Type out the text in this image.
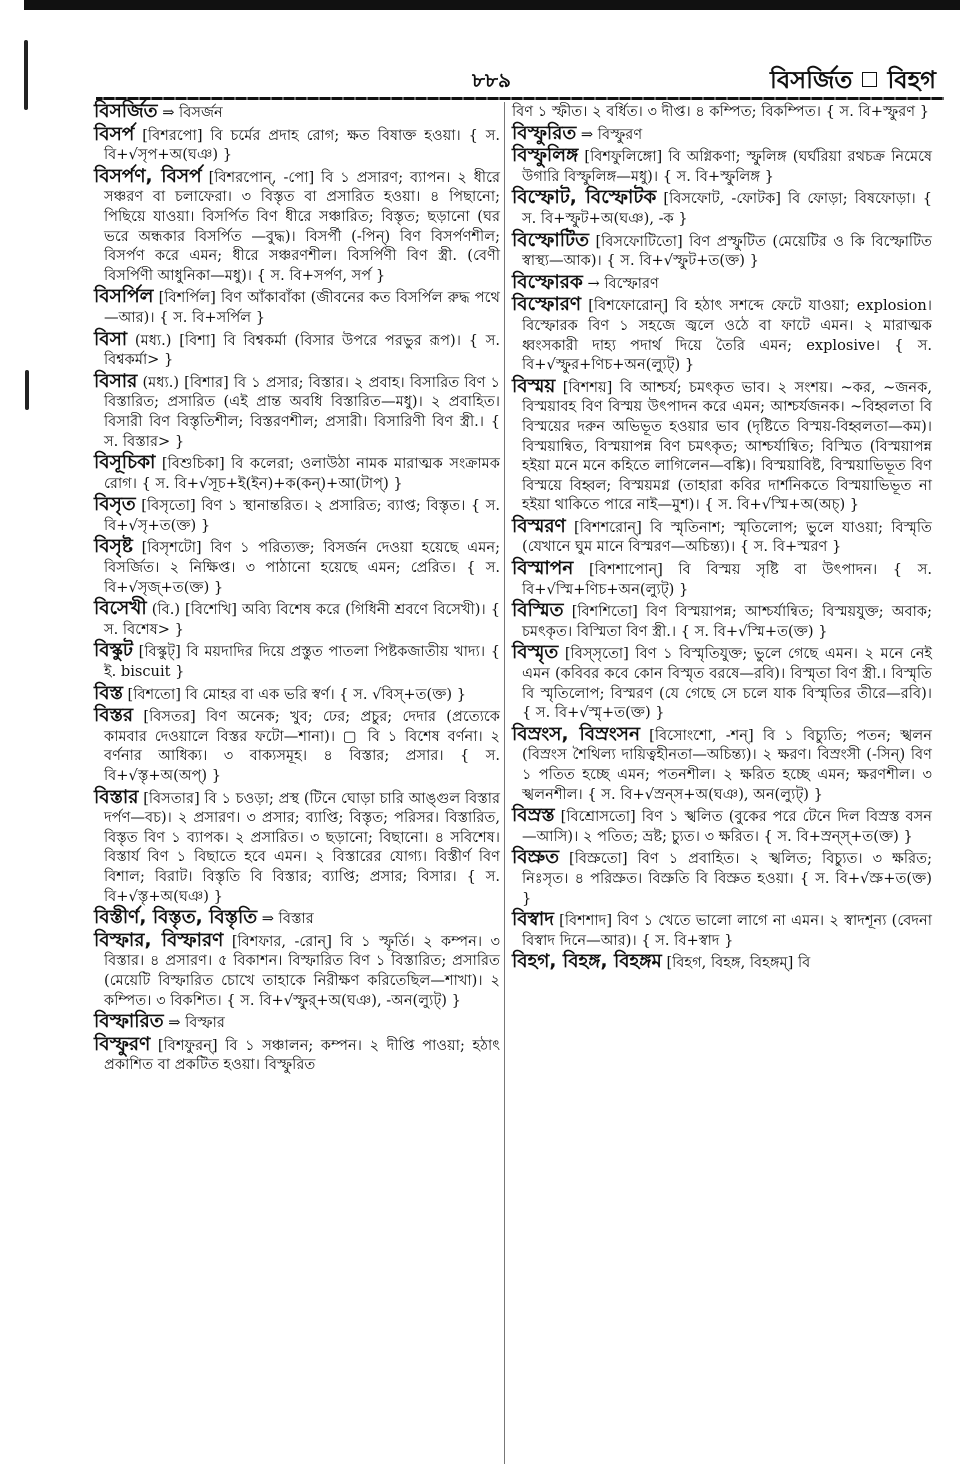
৮৮৯	বিসর্জিত বিহগ
বিসর্জিত ⇒ বিসর্জন
বিসর্প [বিশরপো] বি চর্মের প্রদাহ রোগ; ক্ষত বিষাক্ত হওয়া। { স. বি+√সৃপ+অ(ঘঞ) }
বিসর্পণ, বিসর্প [বিশরপোন্, -পো] বি ১ প্রসারণ; ব্যাপন। ২ ধীরে সঞ্চরণ বা চলাফেরা। ৩ বিস্তৃত বা প্রসারিত হওয়া। ৪ পিছানো; পিছিয়ে যাওয়া। বিসর্পিত বিণ ধীরে সঞ্চারিত; বিস্তৃত; ছড়ানো (ঘর ভরে অন্ধকার বিসর্পিত —বুদ্ধ)। বিসর্পী (-পিন্) বিণ বিসর্পণশীল; বিসর্পণ করে এমন; ধীরে সঞ্চরণশীল। বিসর্পিণী বিণ স্ত্রী. (বেণী বিসর্পিণী আধুনিকা—মধু)। { স. বি+সর্পণ, সর্প }
বিসর্পিল [বিশর্পিল] বিণ আঁকাবাঁকা (জীবনের কত বিসর্পিল রুদ্ধ পথে—আর)। { স. বি+সর্পিল }
বিসা (মধ্য.) [বিশা] বি বিশ্বকর্মা (বিসার উপরে পরভুর রূপ)। { স. বিশ্বকর্মা> }
বিসার (মধ্য.) [বিশার] বি ১ প্রসার; বিস্তার। ২ প্রবাহ। বিসারিত বিণ ১ বিস্তারিত; প্রসারিত (এই প্রান্ত অবধি বিস্তারিত—মধু)। ২ প্রবাহিত। বিসারী বিণ বিস্তৃতিশীল; বিস্তরণশীল; প্রসারী। বিসারিণী বিণ স্ত্রী.। { স. বিস্তার> }
বিসূচিকা [বিশুচিকা] বি কলেরা; ওলাউঠা নামক মারাত্মক সংক্রামক রোগ। { স. বি+√সূচ+ই(ইন)+ক(কন্)+আ(টাপ্) }
বিসৃত [বিসৃতো] বিণ ১ স্থানান্তরিত। ২ প্রসারিত; ব্যাপ্ত; বিস্তৃত। { স. বি+√সৃ+ত(ক্ত) }
বিসৃষ্ট [বিসৃশটো] বিণ ১ পরিত্যক্ত; বিসর্জন দেওয়া হয়েছে এমন; বিসর্জিত। ২ নিক্ষিপ্ত। ৩ পাঠানো হয়েছে এমন; প্রেরিত। { স. বি+√সৃজ্+ত(ক্ত) }
বিসেখী (বি.) [বিশেখি] অব্যি বিশেষ করে (গিধিনী শ্রবণে বিসেখী)। { স. বিশেষ> }
বিস্কুট [বিস্কুট্] বি ময়দাদির দিয়ে প্রস্তুত পাতলা পিষ্টকজাতীয় খাদ্য। { ই. biscuit }
বিস্ত [বিশতো] বি মোহর বা এক ভরি স্বর্ণ। { স. √বিস্+ত(ক্ত) }
বিস্তর [বিসতর] বিণ অনেক; খুব; ঢের; প্রচুর; দেদার (প্রত্যেকে কামবার দেওয়ালে বিস্তর ফটো—শানা)। ▢ বি ১ বিশেষ বর্ণনা। ২ বর্ণনার আধিক্য। ৩ বাক্যসমূহ। ৪ বিস্তার; প্রসার। { স. বি+√স্তৃ+অ(অপ্) }
বিস্তার [বিসতার] বি ১ চওড়া; প্রস্থ (টিনে ঘোড়া চারি আঙ্গুল বিস্তার দর্পণ—বচ)। ২ প্রসারণ। ৩ প্রসার; ব্যাপ্তি; বিস্তৃত; পরিসর। বিস্তারিত, বিস্তৃত বিণ ১ ব্যাপক। ২ প্রসারিত। ৩ ছড়ানো; বিছানো। ৪ সবিশেষ। বিস্তার্য বিণ ১ বিছাতে হবে এমন। ২ বিস্তারের যোগ্য। বিস্তীর্ণ বিণ বিশাল; বিরাট। বিস্তৃতি বি বিস্তার; ব্যাপ্তি; প্রসার; বিসার। { স. বি+√স্তৃ+অ(ঘঞ) }
বিস্তীর্ণ, বিস্তৃত, বিস্তৃতি ⇒ বিস্তার
বিস্ফার, বিস্ফারণ [বিশফার, -রোন্] বি ১ স্ফূর্তি। ২ কম্পন। ৩ বিস্তার। ৪ প্রসারণ। ৫ বিকাশন। বিস্ফারিত বিণ ১ বিস্তারিত; প্রসারিত (মেয়েটি বিস্ফারিত চোখে তাহাকে নিরীক্ষণ করিতেছিল—শাখা)। ২ কম্পিত। ৩ বিকশিত। { স. বি+√স্ফুর্+অ(ঘঞ), -অন(ল্যুট্) }
বিস্ফারিত ⇒ বিস্ফার
বিস্ফুরণ [বিশফুরন্] বি ১ সঞ্চালন; কম্পন। ২ দীপ্তি পাওয়া; হঠাৎ প্রকাশিত বা প্রকটিত হওয়া। বিস্ফুরিত
বিণ ১ স্ফীত। ২ বর্ধিত। ৩ দীপ্ত। ৪ কম্পিত; বিকম্পিত। { স. বি+স্ফুরণ }
বিস্ফুরিত ⇒ বিস্ফুরণ
বিস্ফুলিঙ্গ [বিশফুলিঙ্গো] বি অগ্নিকণা; স্ফুলিঙ্গ (ঘর্ঘরিয়া রথচক্র নিমেষে উগারি বিস্ফুলিঙ্গ—মধু)। { স. বি+স্ফুলিঙ্গ }
বিস্ফোট, বিস্ফোটক [বিসফোট, -ফোটক] বি ফোড়া; বিষফোড়া। { স. বি+স্ফুট+অ(ঘঞ), -ক }
বিস্ফোটিত [বিসফোটিতো] বিণ প্রস্ফুটিত (মেয়েটির ও কি বিস্ফোটিত স্বাস্থ্য—আক)। { স. বি+√স্ফুট+ত(ক্ত) }
বিস্ফোরক → বিস্ফোরণ
বিস্ফোরণ [বিশফোরোন্] বি হঠাৎ সশব্দে ফেটে যাওয়া; explosion। বিস্ফোরক বিণ ১ সহজে জ্বলে ওঠে বা ফাটে এমন। ২ মারাত্মক ধ্বংসকারী দাহ্য পদার্থ দিয়ে তৈরি এমন; explosive। { স. বি+√স্ফুর+ণিচ+অন(ল্যুট্) }
বিস্ময় [বিশশয়] বি আশ্চর্য; চমৎকৃত ভাব। ২ সংশয়। ~কর, ~জনক, বিস্ময়াবহ বিণ বিস্ময় উৎপাদন করে এমন; আশ্চর্যজনক। ~বিহ্বলতা বি বিস্ময়ের দরুন অভিভূত হওয়ার ভাব (দৃষ্টিতে বিস্ময়-বিহ্বলতা—কম)। বিস্ময়ান্বিত, বিস্ময়াপন্ন বিণ চমৎকৃত; আশ্চর্যান্বিত; বিস্মিত (বিস্ময়াপন্ন হইয়া মনে মনে কহিতে লাগিলেন—বঙ্কি)। বিস্ময়াবিষ্ট, বিস্ময়াভিভূত বিণ বিস্ময়ে বিহ্বল; বিস্ময়মগ্ন (তাহারা কবির দার্শনিকতে বিস্ময়াভিভূত না হইয়া থাকিতে পারে নাই—মুশ)। { স. বি+√স্মি+অ(অচ্) }
বিস্মরণ [বিশশরোন্] বি স্মৃতিনাশ; স্মৃতিলোপ; ভুলে যাওয়া; বিস্মৃতি (যেখানে ঘুম মানে বিস্মরণ—অচিন্ত্য)। { স. বি+স্মরণ }
বিস্মাপন [বিশশাপোন্] বি বিস্ময় সৃষ্টি বা উৎপাদন। { স. বি+√স্মি+ণিচ+অন(ল্যুট্) }
বিস্মিত [বিশশিতো] বিণ বিস্ময়াপন্ন; আশ্চর্যান্বিত; বিস্ময়যুক্ত; অবাক; চমৎকৃত। বিস্মিতা বিণ স্ত্রী.। { স. বি+√স্মি+ত(ক্ত) }
বিস্মৃত [বিস্‌সৃতো] বিণ ১ বিস্মৃতিযুক্ত; ভুলে গেছে এমন। ২ মনে নেই এমন (কবিবর কবে কোন বিস্মৃত বরষে—রবি)। বিস্মৃতা বিণ স্ত্রী.। বিস্মৃতি বি স্মৃতিলোপ; বিস্মরণ (যে গেছে সে চলে যাক বিস্মৃতির তীরে—রবি)। { স. বি+√স্মৃ+ত(ক্ত) }
বিস্রংস, বিস্রংসন [বিসোংশো, -শন্] বি ১ বিচ্যুতি; পতন; স্খলন (বিস্রংস শৈথিল্য দায়িত্বহীনতা—অচিন্ত্য)। ২ ক্ষরণ। বিস্রংসী (-সিন্) বিণ ১ পতিত হচ্ছে এমন; পতনশীল। ২ ক্ষরিত হচ্ছে এমন; ক্ষরণশীল। ৩ স্খলনশীল। { স. বি+√স্রন্‌স+অ(ঘঞ), অন(ল্যুট্) }
বিস্রস্ত [বিশ্রোসতো] বিণ ১ স্খলিত (বুকের পরে টেনে দিল বিস্রস্ত বসন—আসি)। ২ পতিত; ভ্রষ্ট; চ্যুত। ৩ ক্ষরিত। { স. বি+স্রন্‌স্+ত(ক্ত) }
বিস্রুত [বিস্রুতো] বিণ ১ প্রবাহিত। ২ স্খলিত; বিচ্যুত। ৩ ক্ষরিত; নিঃসৃত। ৪ পরিস্রুত। বিস্রুতি বি বিস্রুত হওয়া। { স. বি+√স্রু+ত(ক্ত) }
বিস্বাদ [বিশশাদ] বিণ ১ খেতে ভালো লাগে না এমন। ২ স্বাদশূন্য (বেদনা বিস্বাদ দিনে—আর)। { স. বি+স্বাদ }
বিহগ, বিহঙ্গ, বিহঙ্গম [বিহগ, বিহঙ্গ, বিহঙ্গম্] বি
